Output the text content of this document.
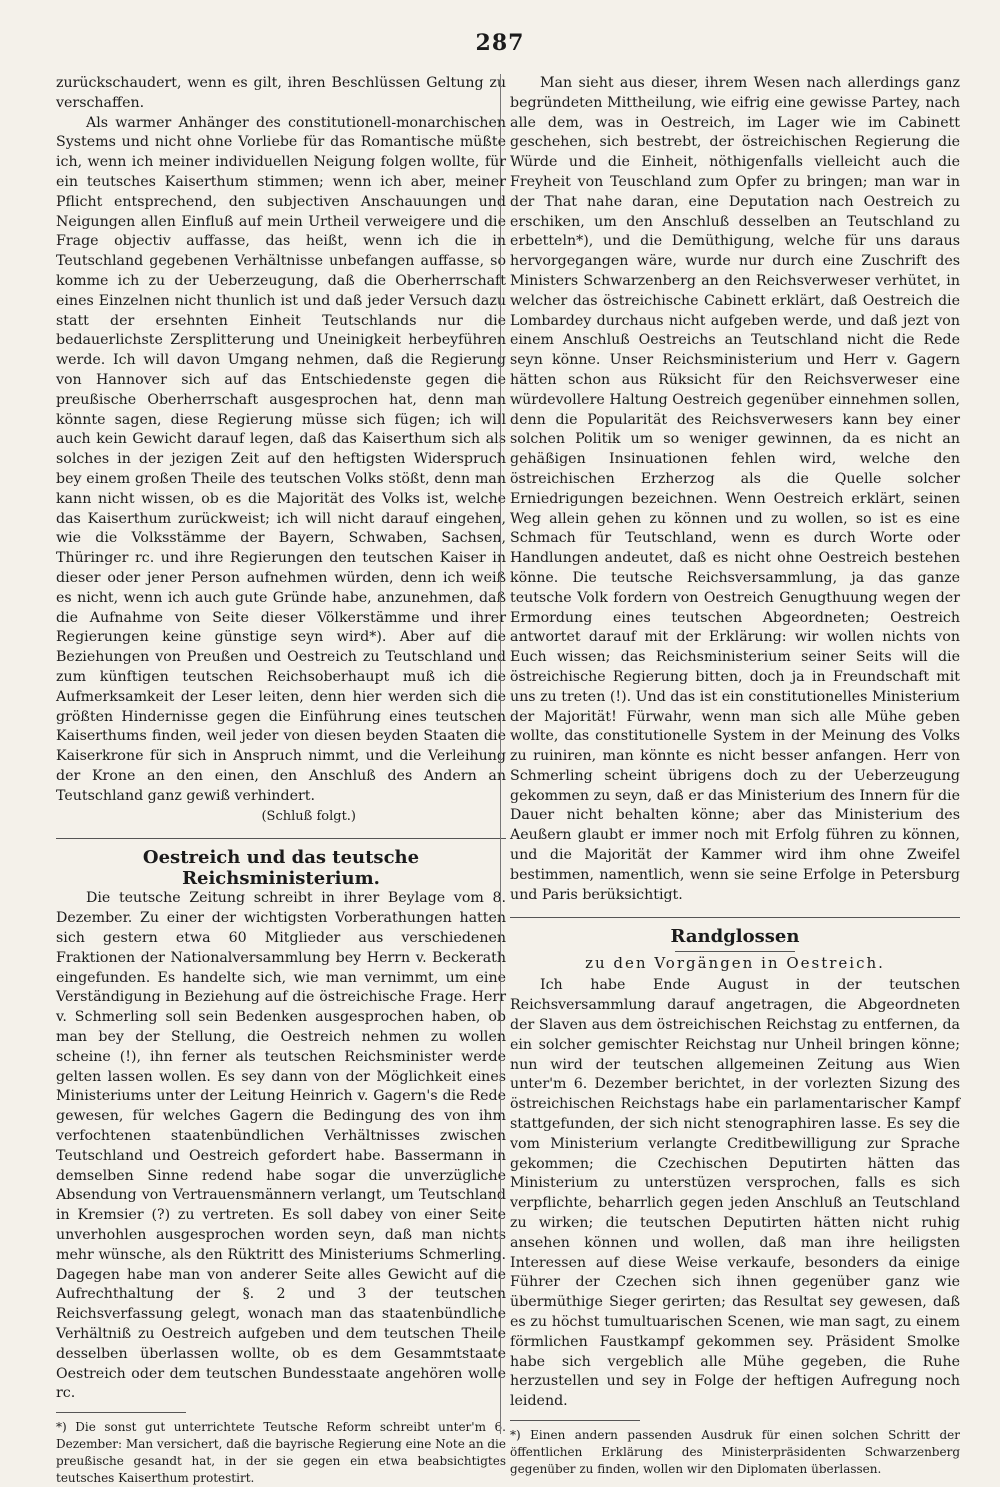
287

zurückschaudert, wenn es gilt, ihren Beschlüssen Geltung zu verschaffen.

Als warmer Anhänger des constitutionell-monarchischen Systems und nicht ohne Vorliebe für das Romantische müßte ich, wenn ich meiner individuellen Neigung folgen wollte, für ein teutsches Kaiserthum stimmen; wenn ich aber, meiner Pflicht entsprechend, den subjectiven Anschauungen und Neigungen allen Einfluß auf mein Urtheil verweigere und die Frage objectiv auffasse, das heißt, wenn ich die in Teutschland gegebenen Verhältnisse unbefangen auffasse, so komme ich zu der Ueberzeugung, daß die Oberherrschaft eines Einzelnen nicht thunlich ist und daß jeder Versuch dazu statt der ersehnten Einheit Teutschlands nur die bedauerlichste Zersplitterung und Uneinigkeit herbeyführen werde. Ich will davon Umgang nehmen, daß die Regierung von Hannover sich auf das Entschiedenste gegen die preußische Oberherrschaft ausgesprochen hat, denn man könnte sagen, diese Regierung müsse sich fügen; ich will auch kein Gewicht darauf legen, daß das Kaiserthum sich als solches in der jezigen Zeit auf den heftigsten Widerspruch bey einem großen Theile des teutschen Volks stößt, denn man kann nicht wissen, ob es die Majorität des Volks ist, welche das Kaiserthum zurückweist; ich will nicht darauf eingehen, wie die Volksstämme der Bayern, Schwaben, Sachsen, Thüringer rc. und ihre Regierungen den teutschen Kaiser in dieser oder jener Person aufnehmen würden, denn ich weiß es nicht, wenn ich auch gute Gründe habe, anzunehmen, daß die Aufnahme von Seite dieser Völkerstämme und ihrer Regierungen keine günstige seyn wird*). Aber auf die Beziehungen von Preußen und Oestreich zu Teutschland und zum künftigen teutschen Reichsoberhaupt muß ich die Aufmerksamkeit der Leser leiten, denn hier werden sich die größten Hindernisse gegen die Einführung eines teutschen Kaiserthums finden, weil jeder von diesen beyden Staaten die Kaiserkrone für sich in Anspruch nimmt, und die Verleihung der Krone an den einen, den Anschluß des Andern an Teutschland ganz gewiß verhindert.

(Schluß folgt.)
Oestreich und das teutsche Reichsministerium.

Die teutsche Zeitung schreibt in ihrer Beylage vom 8. Dezember. Zu einer der wichtigsten Vorberathungen hatten sich gestern etwa 60 Mitglieder aus verschiedenen Fraktionen der Nationalversammlung bey Herrn v. Beckerath eingefunden. Es handelte sich, wie man vernimmt, um eine Verständigung in Beziehung auf die östreichische Frage. Herr v. Schmerling soll sein Bedenken ausgesprochen haben, ob man bey der Stellung, die Oestreich nehmen zu wollen scheine (!), ihn ferner als teutschen Reichsminister werde gelten lassen wollen. Es sey dann von der Möglichkeit eines Ministeriums unter der Leitung Heinrich v. Gagern's die Rede gewesen, für welches Gagern die Bedingung des von ihm verfochtenen staatenbündlichen Verhältnisses zwischen Teutschland und Oestreich gefordert habe. Bassermann in demselben Sinne redend habe sogar die unverzügliche Absendung von Vertrauensmännern verlangt, um Teutschland in Kremsier (?) zu vertreten. Es soll dabey von einer Seite unverhohlen ausgesprochen worden seyn, daß man nichts mehr wünsche, als den Rüktritt des Ministeriums Schmerling. Dagegen habe man von anderer Seite alles Gewicht auf die Aufrechthaltung der §. 2 und 3 der teutschen Reichsverfassung gelegt, wonach man das staatenbündliche Verhältniß zu Oestreich aufgeben und dem teutschen Theile desselben überlassen wollte, ob es dem Gesammtstaate Oestreich oder dem teutschen Bundesstaate angehören wolle rc.

*) Die sonst gut unterrichtete Teutsche Reform schreibt unter'm 6. Dezember: Man versichert, daß die bayrische Regierung eine Note an die preußische gesandt hat, in der sie gegen ein etwa beabsichtigtes teutsches Kaiserthum protestirt.

Man sieht aus dieser, ihrem Wesen nach allerdings ganz begründeten Mittheilung, wie eifrig eine gewisse Partey, nach alle dem, was in Oestreich, im Lager wie im Cabinett geschehen, sich bestrebt, der östreichischen Regierung die Würde und die Einheit, nöthigenfalls vielleicht auch die Freyheit von Teuschland zum Opfer zu bringen; man war in der That nahe daran, eine Deputation nach Oestreich zu erschiken, um den Anschluß desselben an Teutschland zu erbetteln*), und die Demüthigung, welche für uns daraus hervorgegangen wäre, wurde nur durch eine Zuschrift des Ministers Schwarzenberg an den Reichsverweser verhütet, in welcher das östreichische Cabinett erklärt, daß Oestreich die Lombardey durchaus nicht aufgeben werde, und daß jezt von einem Anschluß Oestreichs an Teutschland nicht die Rede seyn könne. Unser Reichsministerium und Herr v. Gagern hätten schon aus Rüksicht für den Reichsverweser eine würdevollere Haltung Oestreich gegenüber einnehmen sollen, denn die Popularität des Reichsverwesers kann bey einer solchen Politik um so weniger gewinnen, da es nicht an gehäßigen Insinuationen fehlen wird, welche den östreichischen Erzherzog als die Quelle solcher Erniedrigungen bezeichnen. Wenn Oestreich erklärt, seinen Weg allein gehen zu können und zu wollen, so ist es eine Schmach für Teutschland, wenn es durch Worte oder Handlungen andeutet, daß es nicht ohne Oestreich bestehen könne. Die teutsche Reichsversammlung, ja das ganze teutsche Volk fordern von Oestreich Genugthuung wegen der Ermordung eines teutschen Abgeordneten; Oestreich antwortet darauf mit der Erklärung: wir wollen nichts von Euch wissen; das Reichsministerium seiner Seits will die östreichische Regierung bitten, doch ja in Freundschaft mit uns zu treten (!). Und das ist ein constitutionelles Ministerium der Majorität! Fürwahr, wenn man sich alle Mühe geben wollte, das constitutionelle System in der Meinung des Volks zu ruiniren, man könnte es nicht besser anfangen. Herr von Schmerling scheint übrigens doch zu der Ueberzeugung gekommen zu seyn, daß er das Ministerium des Innern für die Dauer nicht behalten könne; aber das Ministerium des Aeußern glaubt er immer noch mit Erfolg führen zu können, und die Majorität der Kammer wird ihm ohne Zweifel bestimmen, namentlich, wenn sie seine Erfolge in Petersburg und Paris berüksichtigt.

Randglossen
zu den Vorgängen in Oestreich.

Ich habe Ende August in der teutschen Reichsversammlung darauf angetragen, die Abgeordneten der Slaven aus dem östreichischen Reichstag zu entfernen, da ein solcher gemischter Reichstag nur Unheil bringen könne; nun wird der teutschen allgemeinen Zeitung aus Wien unter'm 6. Dezember berichtet, in der vorlezten Sizung des östreichischen Reichstags habe ein parlamentarischer Kampf stattgefunden, der sich nicht stenographiren lasse. Es sey die vom Ministerium verlangte Creditbewilligung zur Sprache gekommen; die Czechischen Deputirten hätten das Ministerium zu unterstüzen versprochen, falls es sich verpflichte, beharrlich gegen jeden Anschluß an Teutschland zu wirken; die teutschen Deputirten hätten nicht ruhig ansehen können und wollen, daß man ihre heiligsten Interessen auf diese Weise verkaufe, besonders da einige Führer der Czechen sich ihnen gegenüber ganz wie übermüthige Sieger gerirten; das Resultat sey gewesen, daß es zu höchst tumultuarischen Scenen, wie man sagt, zu einem förmlichen Faustkampf gekommen sey. Präsident Smolke habe sich vergeblich alle Mühe gegeben, die Ruhe herzustellen und sey in Folge der heftigen Aufregung noch leidend.

*) Einen andern passenden Ausdruk für einen solchen Schritt der öffentlichen Erklärung des Ministerpräsidenten Schwarzenberg gegenüber zu finden, wollen wir den Diplomaten überlassen.
